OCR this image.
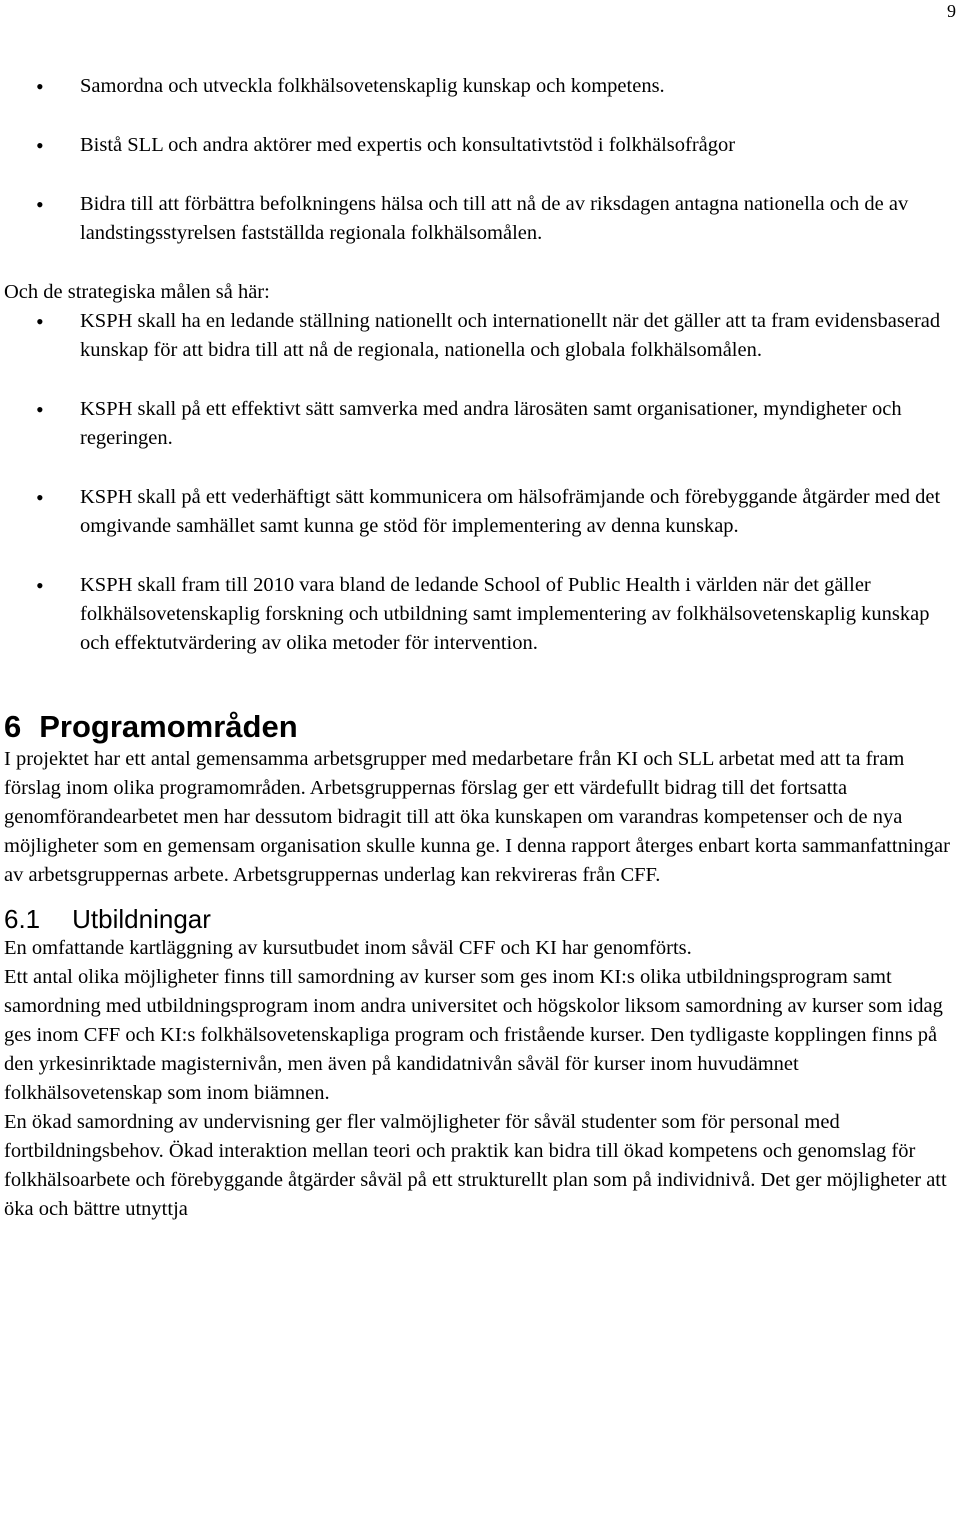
9
• Samordna och utveckla folkhälsovetenskaplig kunskap och kompetens.
• Bistå SLL och andra aktörer med expertis och konsultativtstöd i folkhälsofrågor
• Bidra till att förbättra befolkningens hälsa och till att nå de av riksdagen antagna nationella och de av landstingsstyrelsen fastställda regionala folkhälsomålen.

Och de strategiska målen så här:

• KSPH skall ha en ledande ställning nationellt och internationellt när det gäller att ta fram evidensbaserad kunskap för att bidra till att nå de regionala, nationella och globala folkhälsomålen.
• KSPH skall på ett effektivt sätt samverka med andra lärosäten samt organisationer, myndigheter och regeringen.
• KSPH skall på ett vederhäftigt sätt kommunicera om hälsofrämjande och förebyggande åtgärder med det omgivande samhället samt kunna ge stöd för implementering av denna kunskap.
• KSPH skall fram till 2010 vara bland de ledande School of Public Health i världen när det gäller folkhälsovetenskaplig forskning och utbildning samt implementering av folkhälsovetenskaplig kunskap och effektutvärdering av olika metoder för intervention.
6 Programområden

I projektet har ett antal gemensamma arbetsgrupper med medarbetare från KI och SLL arbetat med att ta fram förslag inom olika programområden. Arbetsgruppernas förslag ger ett värdefullt bidrag till det fortsatta genomförandearbetet men har dessutom bidragit till att öka kunskapen om varandras kompetenser och de nya möjligheter som en gemensam organisation skulle kunna ge. I denna rapport återges enbart korta sammanfattningar av arbetsgruppernas arbete. Arbetsgruppernas underlag kan rekvireras från CFF.

6.1 Utbildningar

En omfattande kartläggning av kursutbudet inom såväl CFF och KI har genomförts.

Ett antal olika möjligheter finns till samordning av kurser som ges inom KI:s olika utbildningsprogram samt samordning med utbildningsprogram inom andra universitet och högskolor liksom samordning av kurser som idag ges inom CFF och KI:s folkhälsovetenskapliga program och fristående kurser. Den tydligaste kopplingen finns på den yrkesinriktade magisternivån, men även på kandidatnivån såväl för kurser inom huvudämnet folkhälsovetenskap som inom biämnen.

En ökad samordning av undervisning ger fler valmöjligheter för såväl studenter som för personal med fortbildningsbehov. Ökad interaktion mellan teori och praktik kan bidra till ökad kompetens och genomslag för folkhälsoarbete och förebyggande åtgärder såväl på ett strukturellt plan som på individnivå. Det ger möjligheter att öka och bättre utnyttja
